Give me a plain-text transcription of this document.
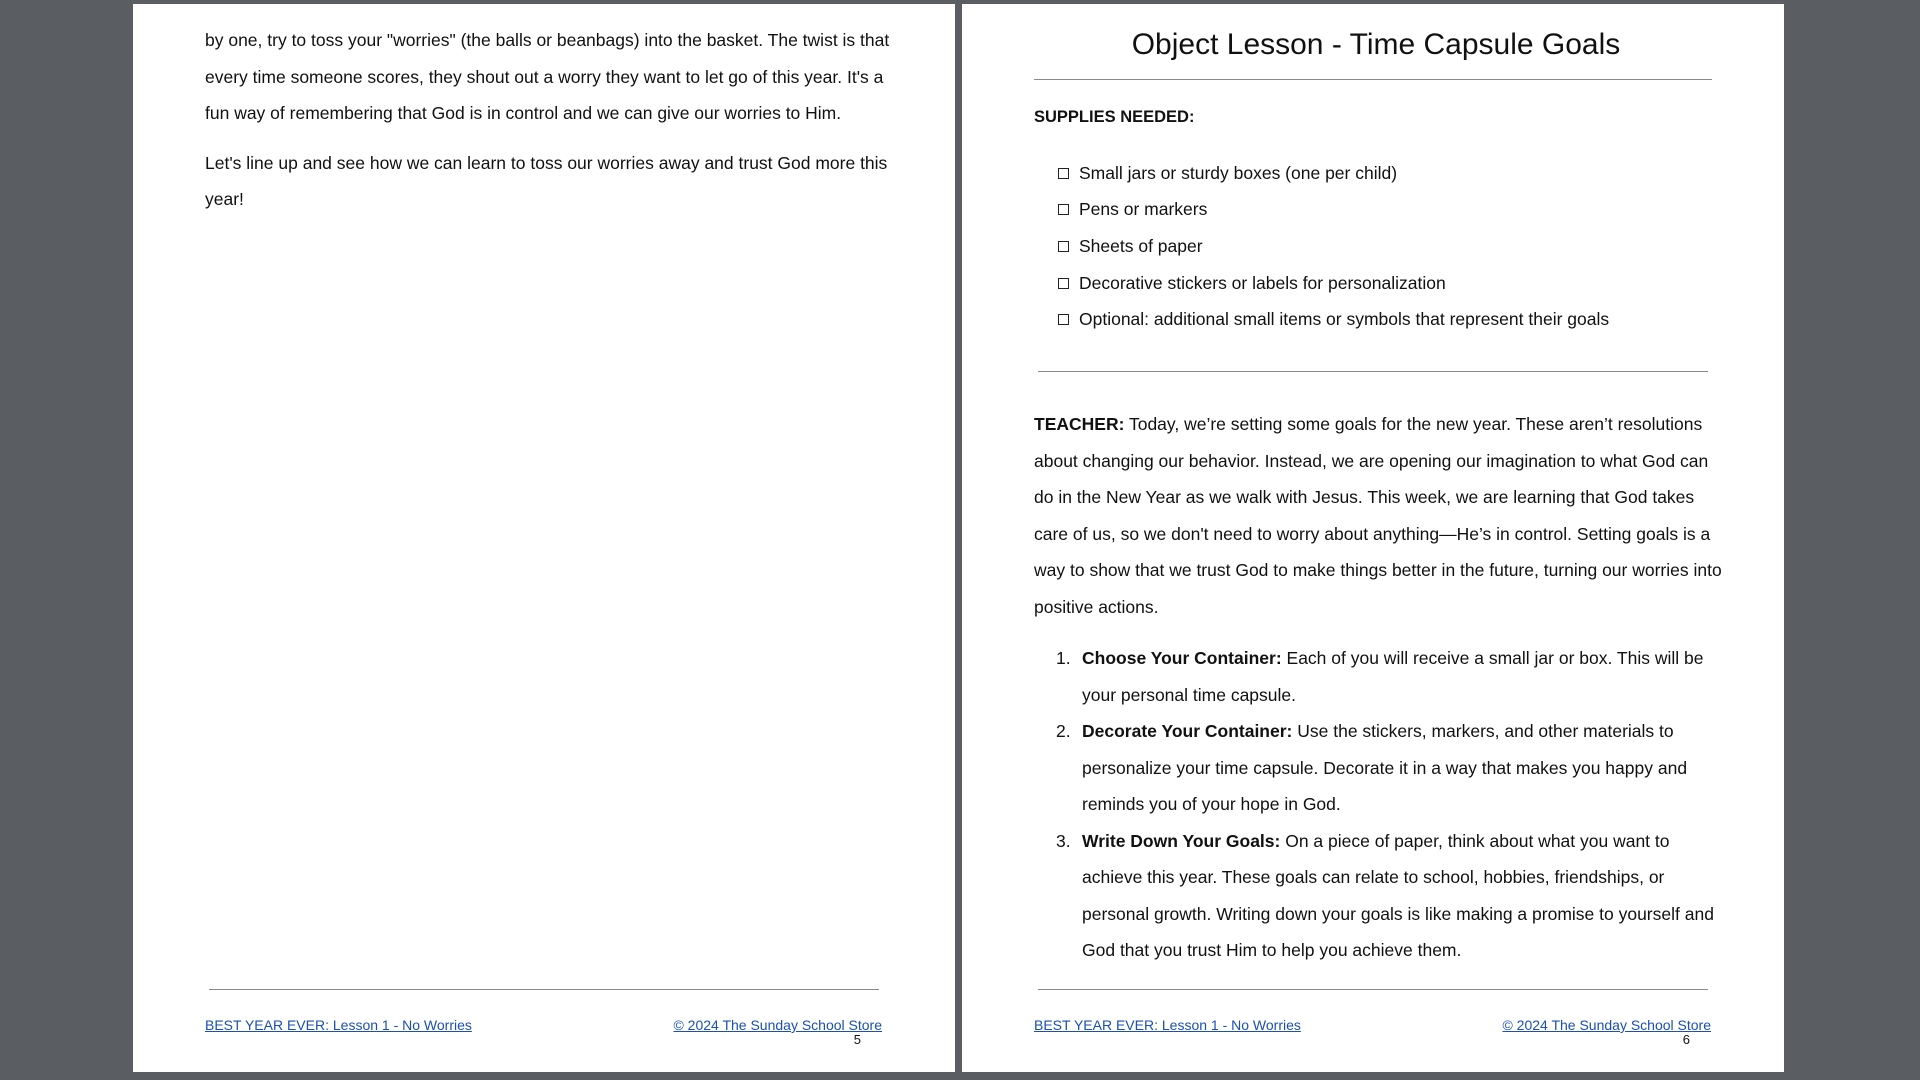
by one, try to toss your "worries" (the balls or beanbags) into the basket. The twist is that every time someone scores, they shout out a worry they want to let go of this year. It's a fun way of remembering that God is in control and we can give our worries to Him.

Let's line up and see how we can learn to toss our worries away and trust God more this year!

BEST YEAR EVER: Lesson 1 - No Worries	© 2024 The Sunday School Store
5
Object Lesson - Time Capsule Goals
SUPPLIES NEEDED:
Small jars or sturdy boxes (one per child)
Pens or markers
Sheets of paper
Decorative stickers or labels for personalization
Optional: additional small items or symbols that represent their goals
TEACHER: Today, we’re setting some goals for the new year. These aren’t resolutions about changing our behavior. Instead, we are opening our imagination to what God can do in the New Year as we walk with Jesus. This week, we are learning that God takes care of us, so we don't need to worry about anything—He’s in control. Setting goals is a way to show that we trust God to make things better in the future, turning our worries into positive actions.
1. Choose Your Container: Each of you will receive a small jar or box. This will be your personal time capsule.
2. Decorate Your Container: Use the stickers, markers, and other materials to personalize your time capsule. Decorate it in a way that makes you happy and reminds you of your hope in God.
3. Write Down Your Goals: On a piece of paper, think about what you want to achieve this year. These goals can relate to school, hobbies, friendships, or personal growth. Writing down your goals is like making a promise to yourself and God that you trust Him to help you achieve them.
BEST YEAR EVER: Lesson 1 - No Worries	© 2024 The Sunday School Store
6
